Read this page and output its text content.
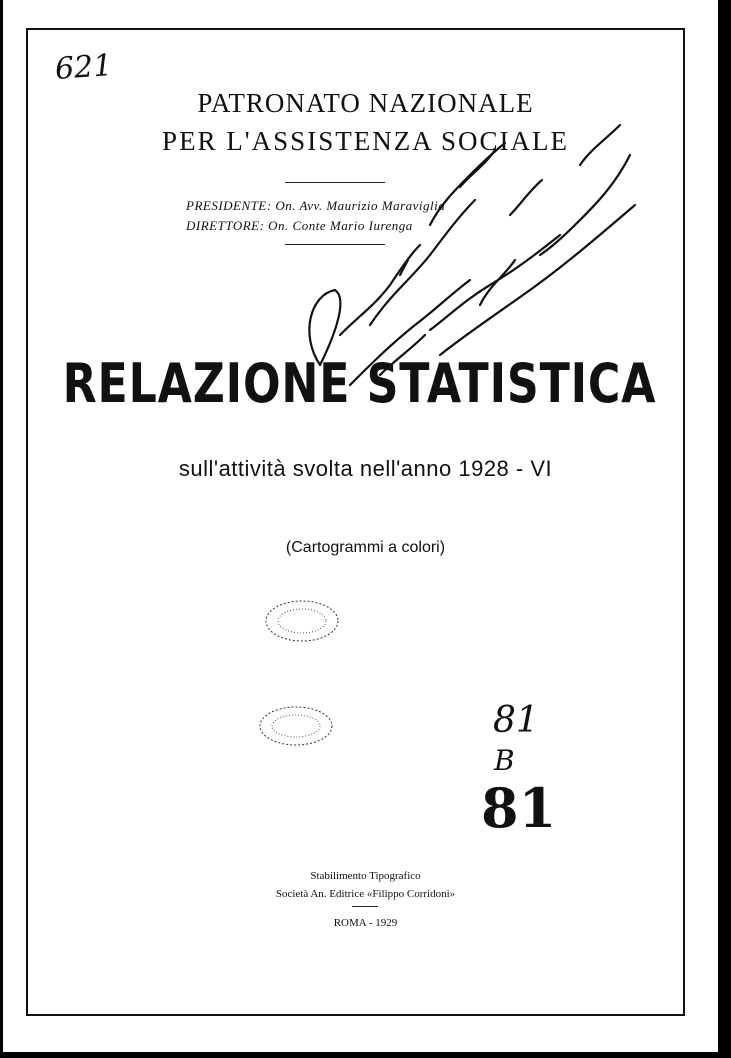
621
PATRONATO NAZIONALE
PER L'ASSISTENZA SOCIALE
PRESIDENTE: On. Avv. Maurizio Maraviglia
DIRETTORE: On. Conte Mario Iurenga
RELAZIONE STATISTICA
sull'attività svolta nell'anno 1928 - VI
(Cartogrammi a colori)
81
B
81
Stabilimento Tipografico
Società An. Editrice «Filippo Corridoni»
ROMA - 1929
